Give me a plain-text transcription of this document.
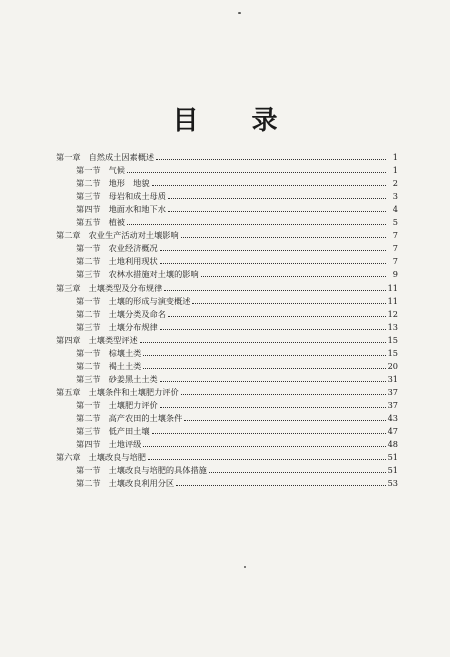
目 录
第一章 自然成土因素概述	1
第一节 气候	1
第二节 地形　地貌	2
第三节 母岩和成土母质	3
第四节 地面水和地下水	4
第五节 植被	5
第二章 农业生产活动对土壤影响	7
第一节 农业经济概况	7
第二节 土地利用现状	7
第三节 农林水措施对土壤的影响	9
第三章 土壤类型及分布规律	11
第一节 土壤的形成与演变概述	11
第二节 土壤分类及命名	12
第三节 土壤分布规律	13
第四章 土壤类型评述	15
第一节 棕壤土类	15
第二节 褐土土类	20
第三节 砂姜黑土土类	31
第五章 土壤条件和土壤肥力评价	37
第一节 土壤肥力评价	37
第二节 高产农田的土壤条件	43
第三节 低产田土壤	47
第四节 土地评级	48
第六章 土壤改良与培肥	51
第一节 土壤改良与培肥的具体措施	51
第二节 土壤改良利用分区	53
